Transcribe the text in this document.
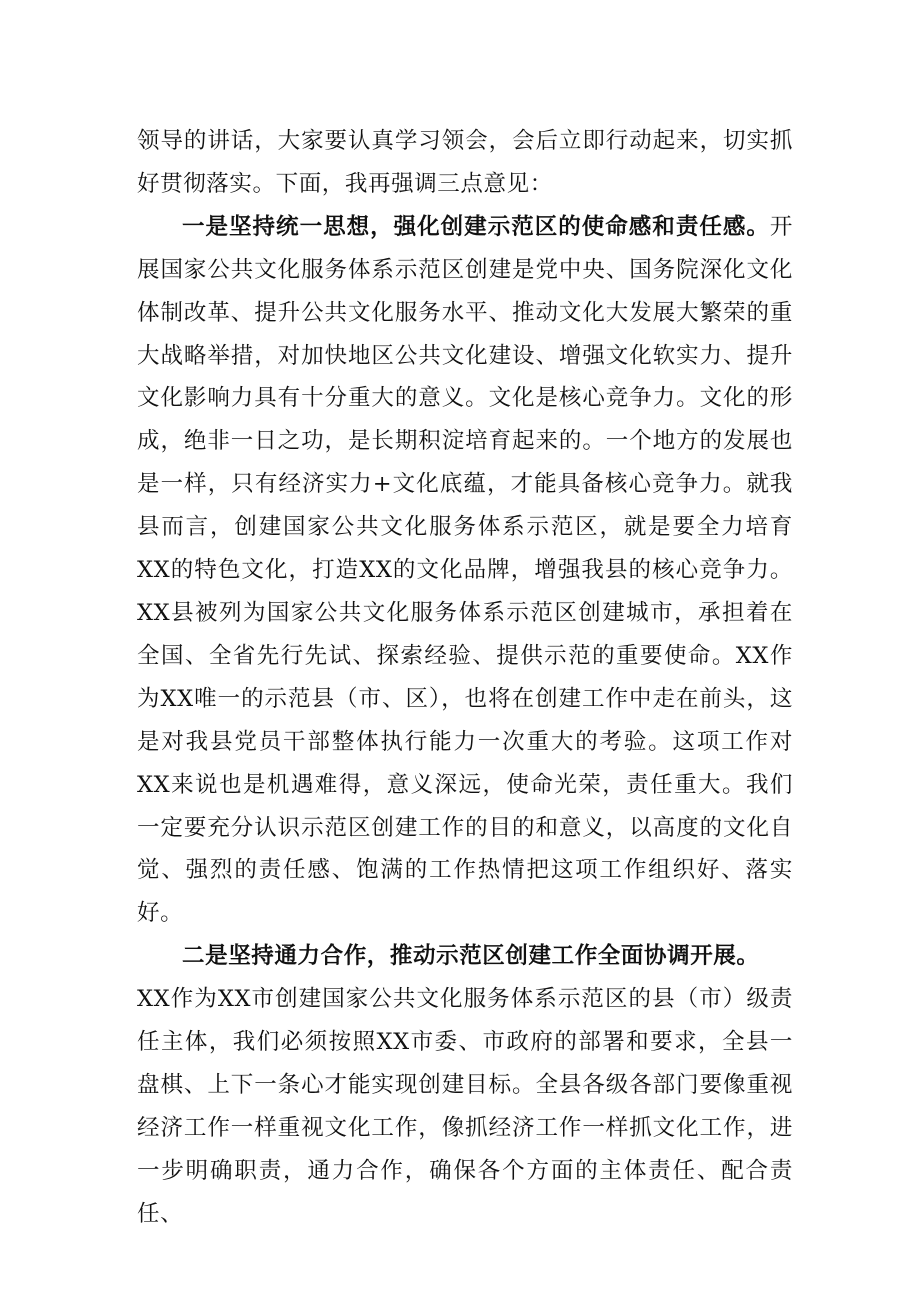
领导的讲话，大家要认真学习领会，会后立即行动起来，切实抓好贯彻落实。下面，我再强调三点意见：

一是坚持统一思想，强化创建示范区的使命感和责任感。开展国家公共文化服务体系示范区创建是党中央、国务院深化文化体制改革、提升公共文化服务水平、推动文化大发展大繁荣的重大战略举措，对加快地区公共文化建设、增强文化软实力、提升文化影响力具有十分重大的意义。文化是核心竞争力。文化的形成，绝非一日之功，是长期积淀培育起来的。一个地方的发展也是一样，只有经济实力+文化底蕴，才能具备核心竞争力。就我县而言，创建国家公共文化服务体系示范区，就是要全力培育XX的特色文化，打造XX的文化品牌，增强我县的核心竞争力。XX县被列为国家公共文化服务体系示范区创建城市，承担着在全国、全省先行先试、探索经验、提供示范的重要使命。XX作为XX唯一的示范县（市、区），也将在创建工作中走在前头，这是对我县党员干部整体执行能力一次重大的考验。这项工作对XX来说也是机遇难得，意义深远，使命光荣，责任重大。我们一定要充分认识示范区创建工作的目的和意义，以高度的文化自觉、强烈的责任感、饱满的工作热情把这项工作组织好、落实好。

二是坚持通力合作，推动示范区创建工作全面协调开展。

XX作为XX市创建国家公共文化服务体系示范区的县（市）级责任主体，我们必须按照XX市委、市政府的部署和要求，全县一盘棋、上下一条心才能实现创建目标。全县各级各部门要像重视经济工作一样重视文化工作，像抓经济工作一样抓文化工作，进一步明确职责，通力合作，确保各个方面的主体责任、配合责任、
